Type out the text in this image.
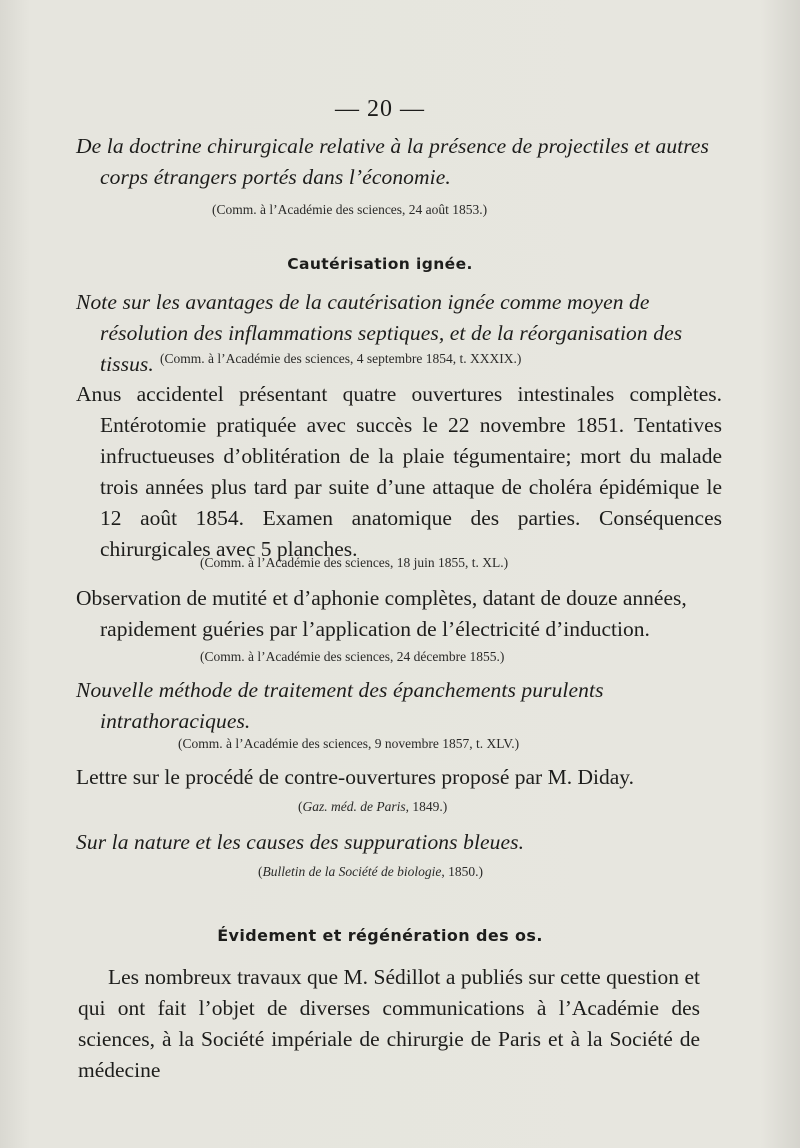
— 20 —
De la doctrine chirurgicale relative à la présence de projectiles et autres corps étrangers portés dans l’économie.
(Comm. à l’Académie des sciences, 24 août 1853.)
Cautérisation ignée.
Note sur les avantages de la cautérisation ignée comme moyen de résolution des inflammations septiques, et de la réorganisation des tissus. (Comm. à l’Académie des sciences, 4 septembre 1854, t. XXXIX.)
Anus accidentel présentant quatre ouvertures intestinales complètes. Entérotomie pratiquée avec succès le 22 novembre 1851. Tentatives infructueuses d’oblitération de la plaie tégumentaire; mort du malade trois années plus tard par suite d’une attaque de choléra épidémique le 12 août 1854. Examen anatomique des parties. Conséquences chirurgicales avec 5 planches.
(Comm. à l’Académie des sciences, 18 juin 1855, t. XL.)
Observation de mutité et d’aphonie complètes, datant de douze années, rapidement guéries par l’application de l’électricité d’induction.
(Comm. à l’Académie des sciences, 24 décembre 1855.)
Nouvelle méthode de traitement des épanchements purulents intrathoraciques.
(Comm. à l’Académie des sciences, 9 novembre 1857, t. XLV.)
Lettre sur le procédé de contre-ouvertures proposé par M. Diday.
(Gaz. méd. de Paris, 1849.)
Sur la nature et les causes des suppurations bleues.
(Bulletin de la Société de biologie, 1850.)
Évidement et régénération des os.
Les nombreux travaux que M. Sédillot a publiés sur cette question et qui ont fait l’objet de diverses communications à l’Académie des sciences, à la Société impériale de chirurgie de Paris et à la Société de médecine
